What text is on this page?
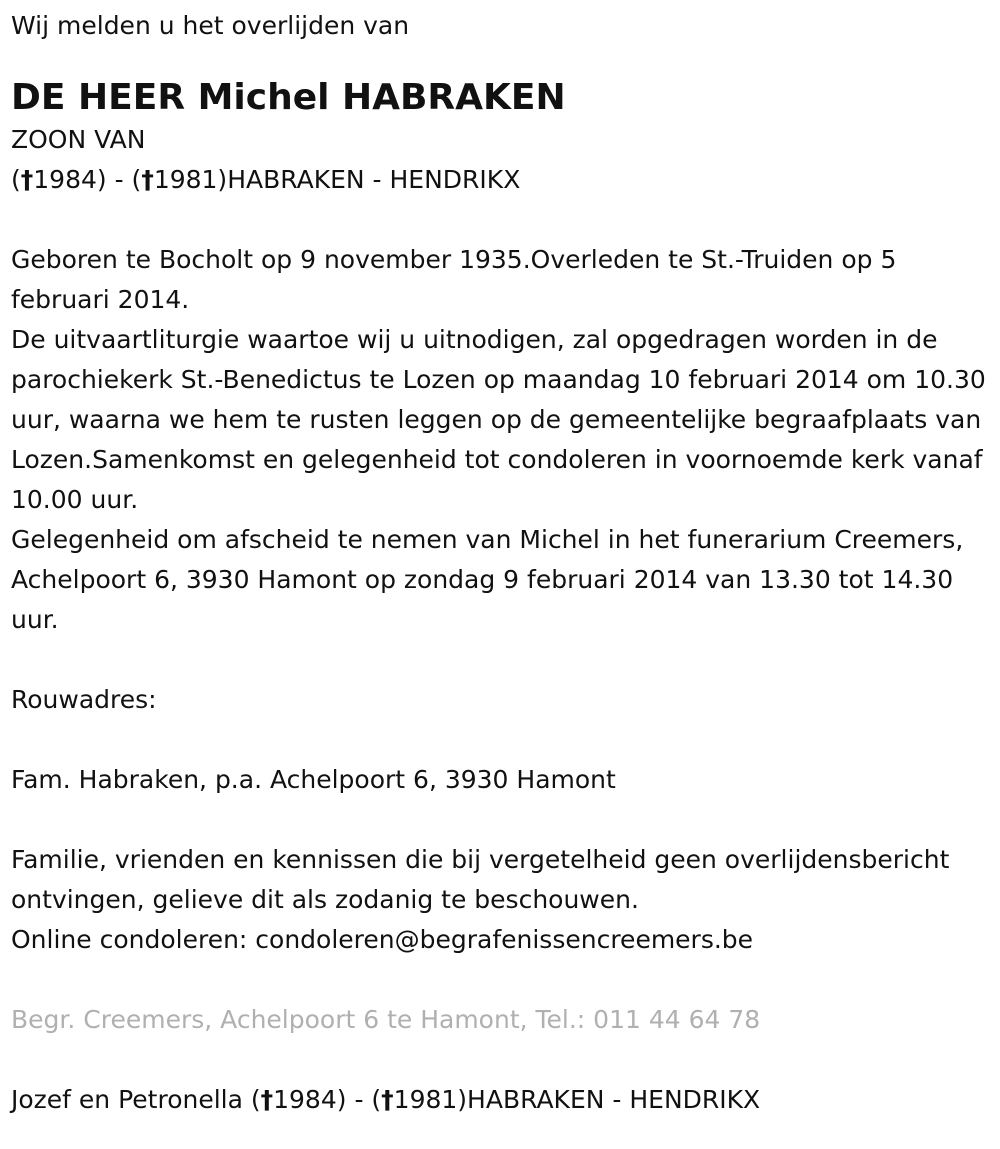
Wij melden u het overlijden van

DE HEER Michel HABRAKEN

ZOON VAN

(†1984) - (†1981)HABRAKEN - HENDRIKX

Geboren te Bocholt op 9 november 1935.Overleden te St.-Truiden op 5 februari 2014.

De uitvaartliturgie waartoe wij u uitnodigen, zal opgedragen worden in de parochiekerk St.-Benedictus te Lozen op maandag 10 februari 2014 om 10.30 uur, waarna we hem te rusten leggen op de gemeentelijke begraafplaats van Lozen.Samenkomst en gelegenheid tot condoleren in voornoemde kerk vanaf 10.00 uur.

Gelegenheid om afscheid te nemen van Michel in het funerarium Creemers, Achelpoort 6, 3930 Hamont op zondag 9 februari 2014 van 13.30 tot 14.30 uur.

Rouwadres:

Fam. Habraken, p.a. Achelpoort 6, 3930 Hamont

Familie, vrienden en kennissen die bij vergetelheid geen overlijdensbericht ontvingen, gelieve dit als zodanig te beschouwen.

Online condoleren: condoleren@begrafenissencreemers.be

Begr. Creemers, Achelpoort 6 te Hamont, Tel.: 011 44 64 78

Jozef en Petronella (†1984) - (†1981)HABRAKEN - HENDRIKX
